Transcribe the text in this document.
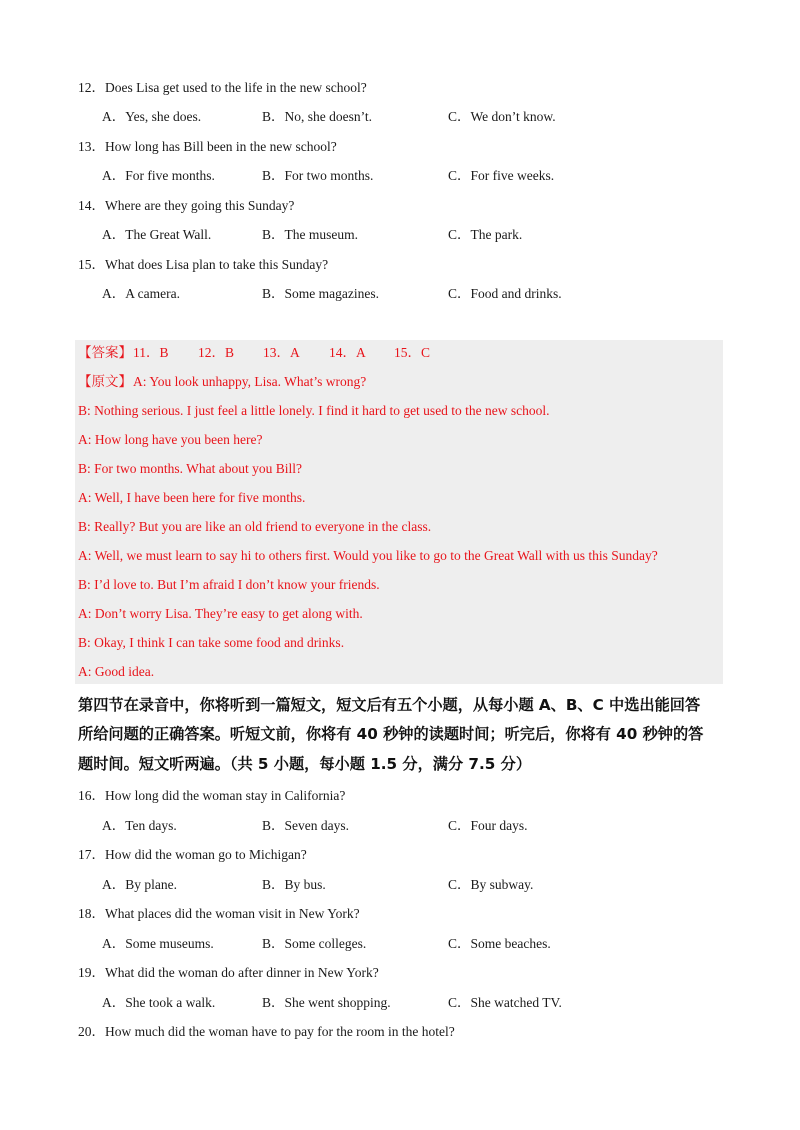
12．Does Lisa get used to the life in the new school?
A．Yes, she does.	B．No, she doesn’t.	C．We don’t know.
13．How long has Bill been in the new school?
A．For five months.	B．For two months.	C．For five weeks.
14．Where are they going this Sunday?
A．The Great Wall.	B．The museum.	C．The park.
15．What does Lisa plan to take this Sunday?
A．A camera.	B．Some magazines.	C．Food and drinks.
【答案】 11．B 12．B 13．A 14．A 15．C
【原文】 A: You look unhappy, Lisa. What’s wrong?
B: Nothing serious. I just feel a little lonely. I find it hard to get used to the new school.
A: How long have you been here?
B: For two months. What about you Bill?
A: Well, I have been here for five months.
B: Really? But you are like an old friend to everyone in the class.
A: Well, we must learn to say hi to others first. Would you like to go to the Great Wall with us this Sunday?
B: I’d love to. But I’m afraid I don’t know your friends.
A: Don’t worry Lisa. They’re easy to get along with.
B: Okay, I think I can take some food and drinks.
A: Good idea.
第四节在录音中，你将听到一篇短文，短文后有五个小题，从每小题 A、B、C 中选出能回答
所给问题的正确答案。听短文前，你将有 40 秒钟的读题时间；听完后，你将有 40 秒钟的答
题时间。短文听两遍。（共 5 小题，每小题 1.5 分，满分 7.5 分）
16．How long did the woman stay in California?
A．Ten days.	B．Seven days.	C．Four days.
17．How did the woman go to Michigan?
A．By plane.	B．By bus.	C．By subway.
18．What places did the woman visit in New York?
A．Some museums.	B．Some colleges.	C．Some beaches.
19．What did the woman do after dinner in New York?
A．She took a walk.	B．She went shopping.	C．She watched TV.
20．How much did the woman have to pay for the room in the hotel?
